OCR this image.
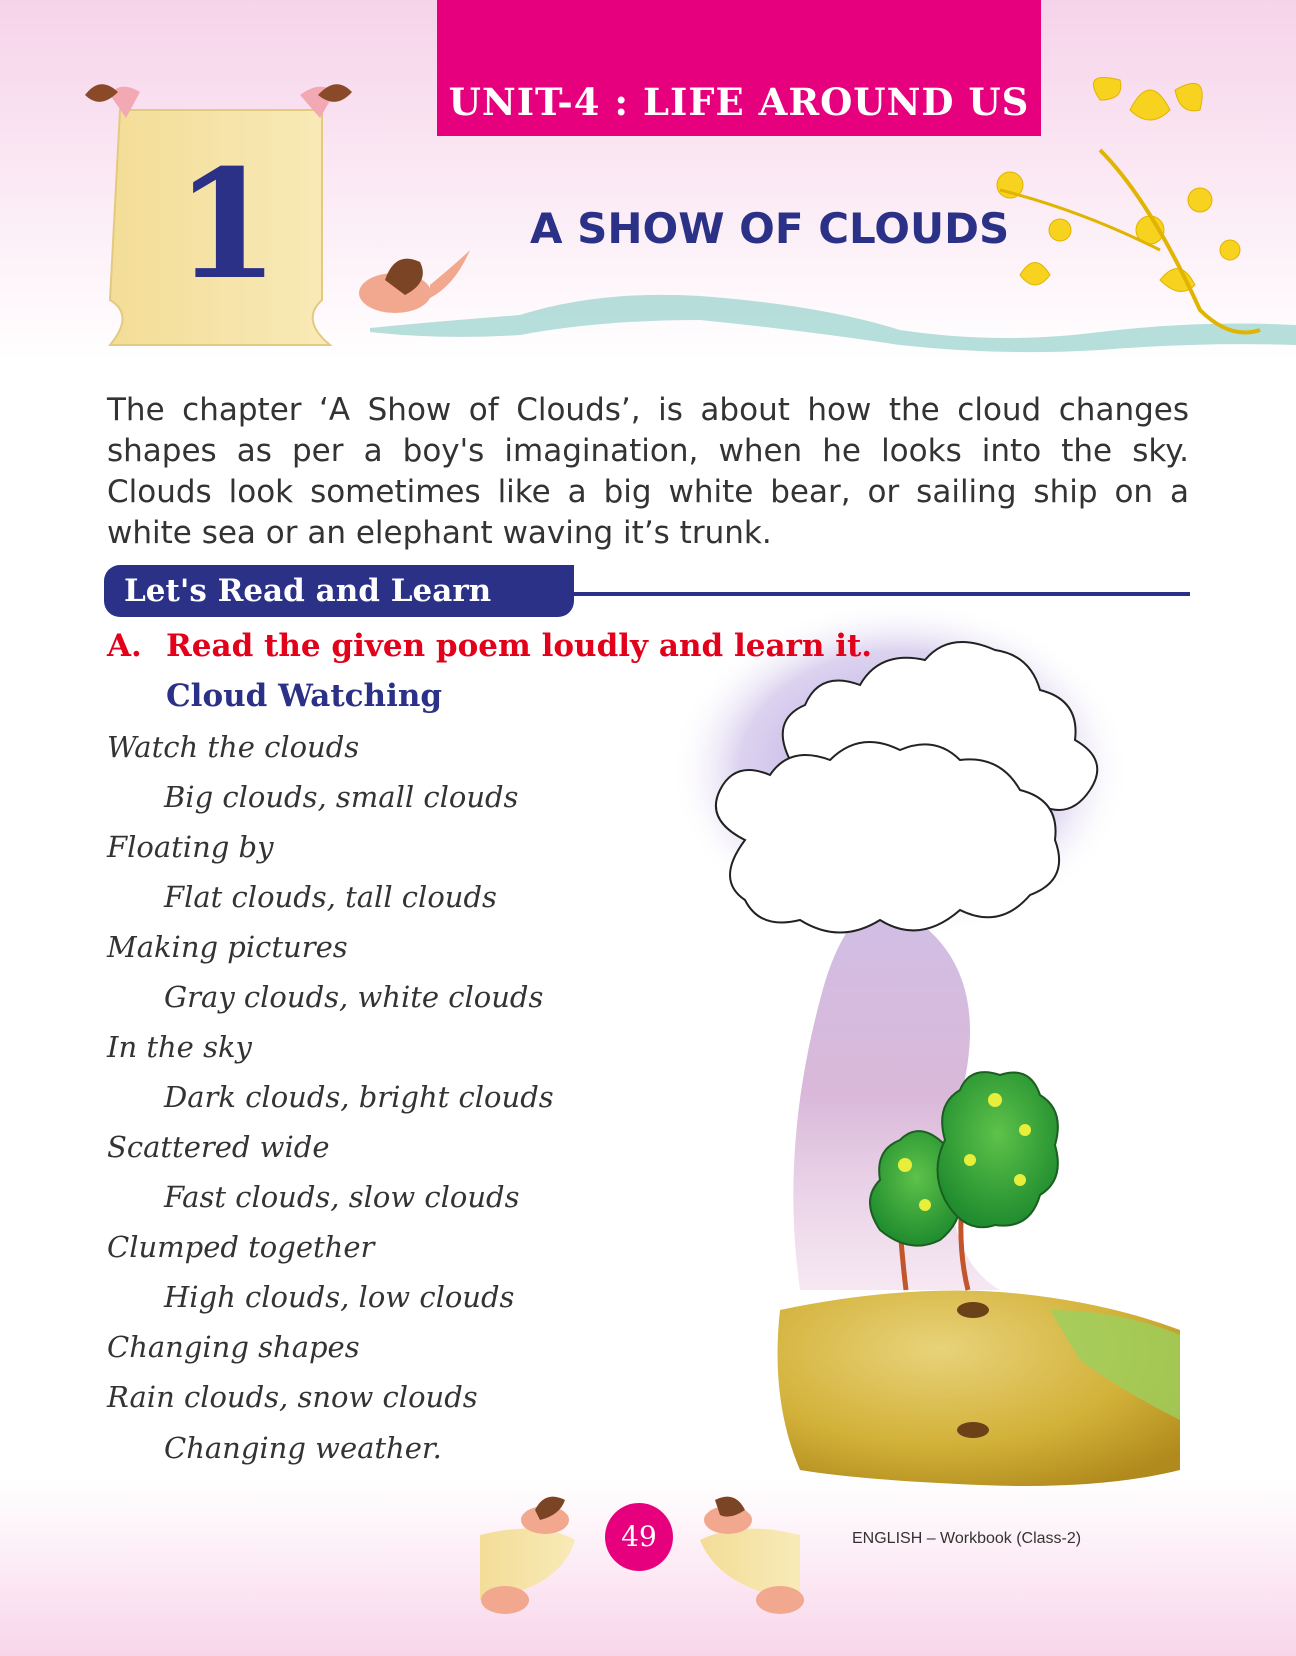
UNIT-4 : LIFE AROUND US
1	A SHOW OF CLOUDS
The chapter ‘A Show of Clouds’, is about how the cloud changes shapes as per a boy's imagination, when he looks into the sky. Clouds look sometimes like a big white bear, or sailing ship on a white sea or an elephant waving it’s trunk.
Let's Read and Learn
A. Read the given poem loudly and learn it.
Cloud Watching
Watch the clouds
Big clouds, small clouds
Floating by
Flat clouds, tall clouds
Making pictures
Gray clouds, white clouds
In the sky
Dark clouds, bright clouds
Scattered wide
Fast clouds, slow clouds
Clumped together
High clouds, low clouds
Changing shapes
Rain clouds, snow clouds
Changing weather.
49	ENGLISH – Workbook (Class-2)
